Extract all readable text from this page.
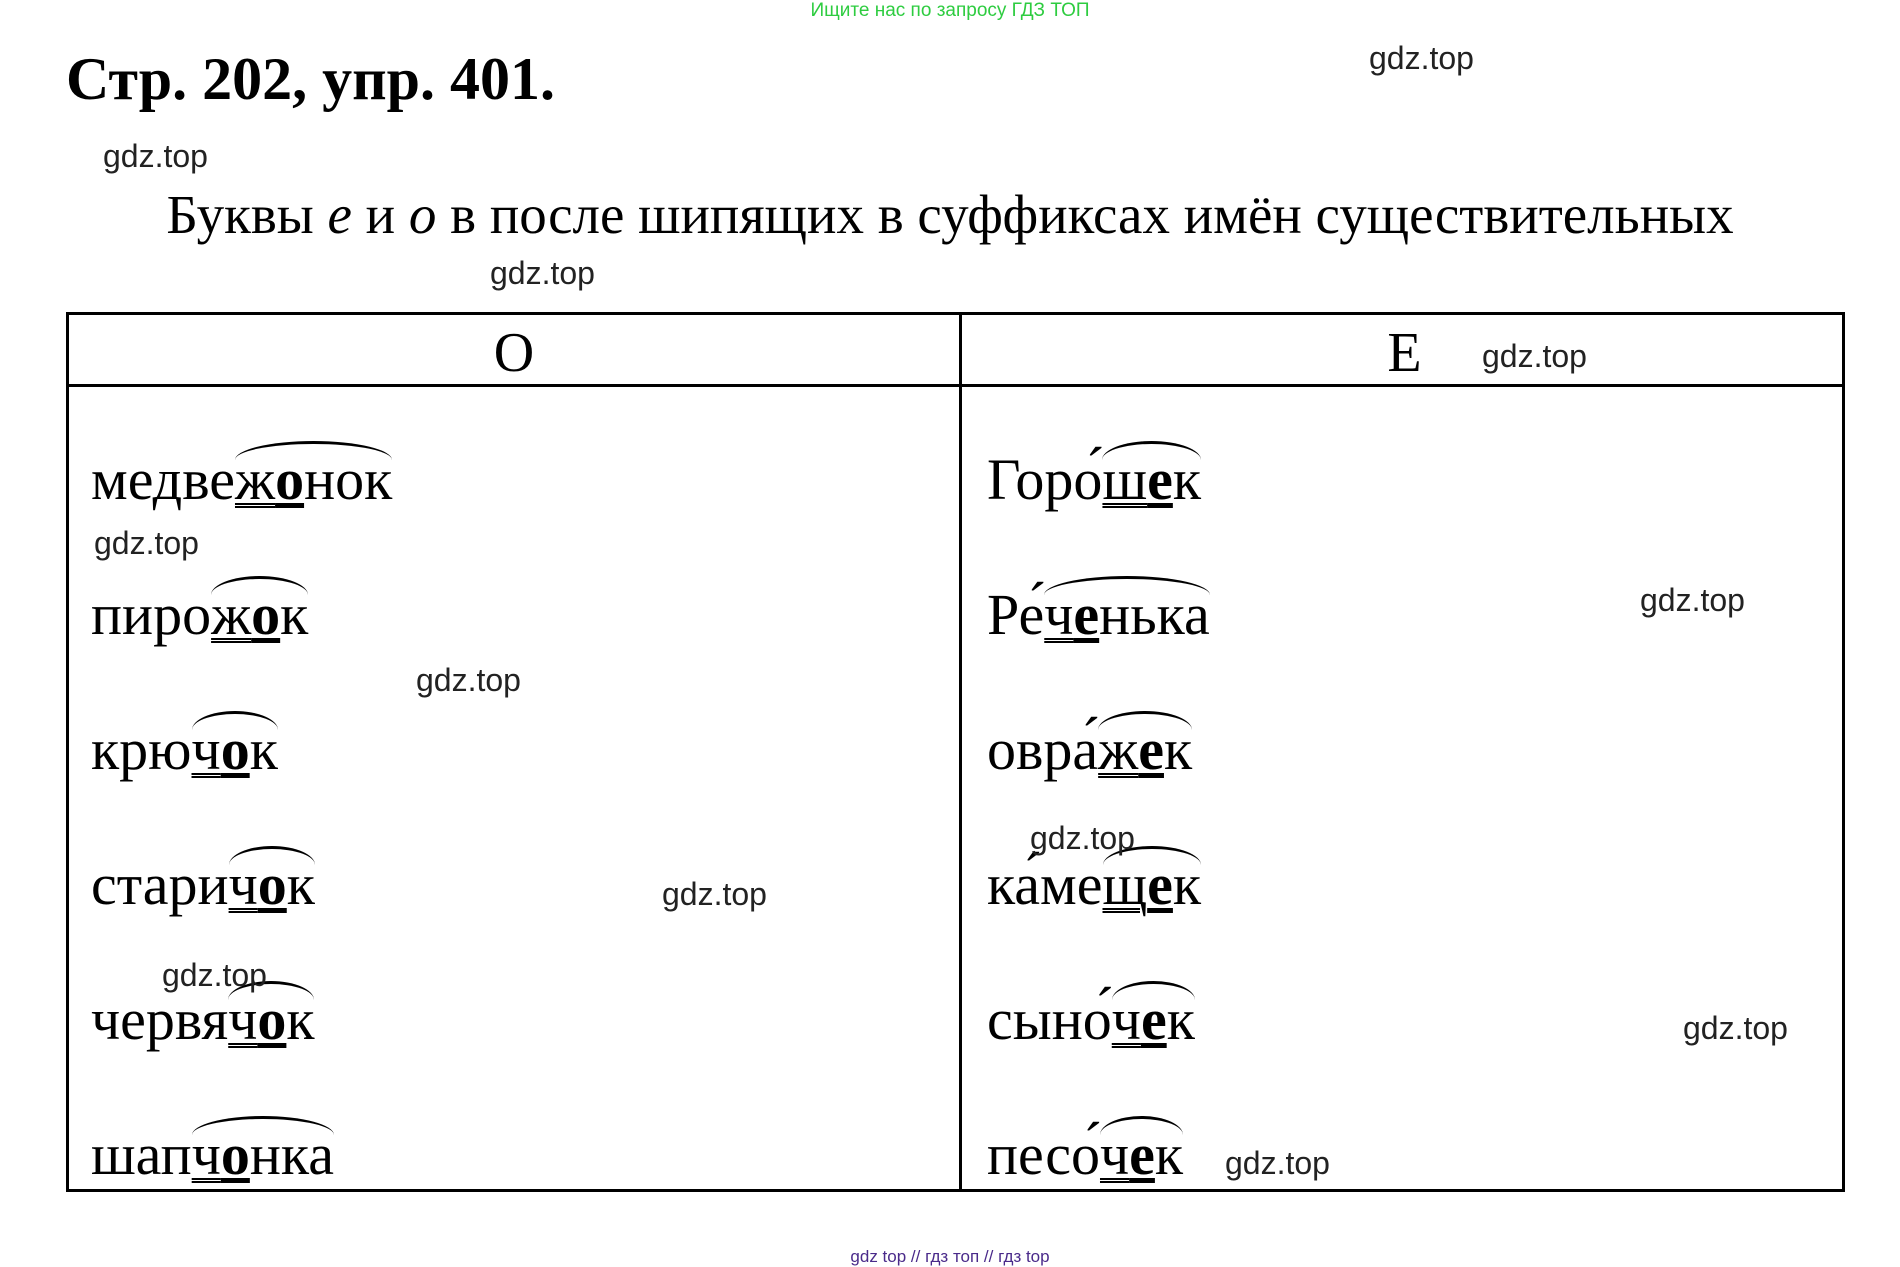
Ищите нас по запросу ГДЗ ТОП
Стр. 202, упр. 401.	gdz.top
gdz.top
Буквы е и о в после шипящих в суффиксах имён существительных
gdz.top
О	Е
медвежонок	Горо́шек
пирожок	Ре́ченька
крючок	овра́жек
старичок	ка́мещек
червячок	сыно́чек
шапчонка	песо́чек
gdz.top
gdz.top
gdz.top
gdz.top
gdz.top
gdz.top
gdz.top
gdz.top
gdz.top
gdz top // гдз топ // гдз top
